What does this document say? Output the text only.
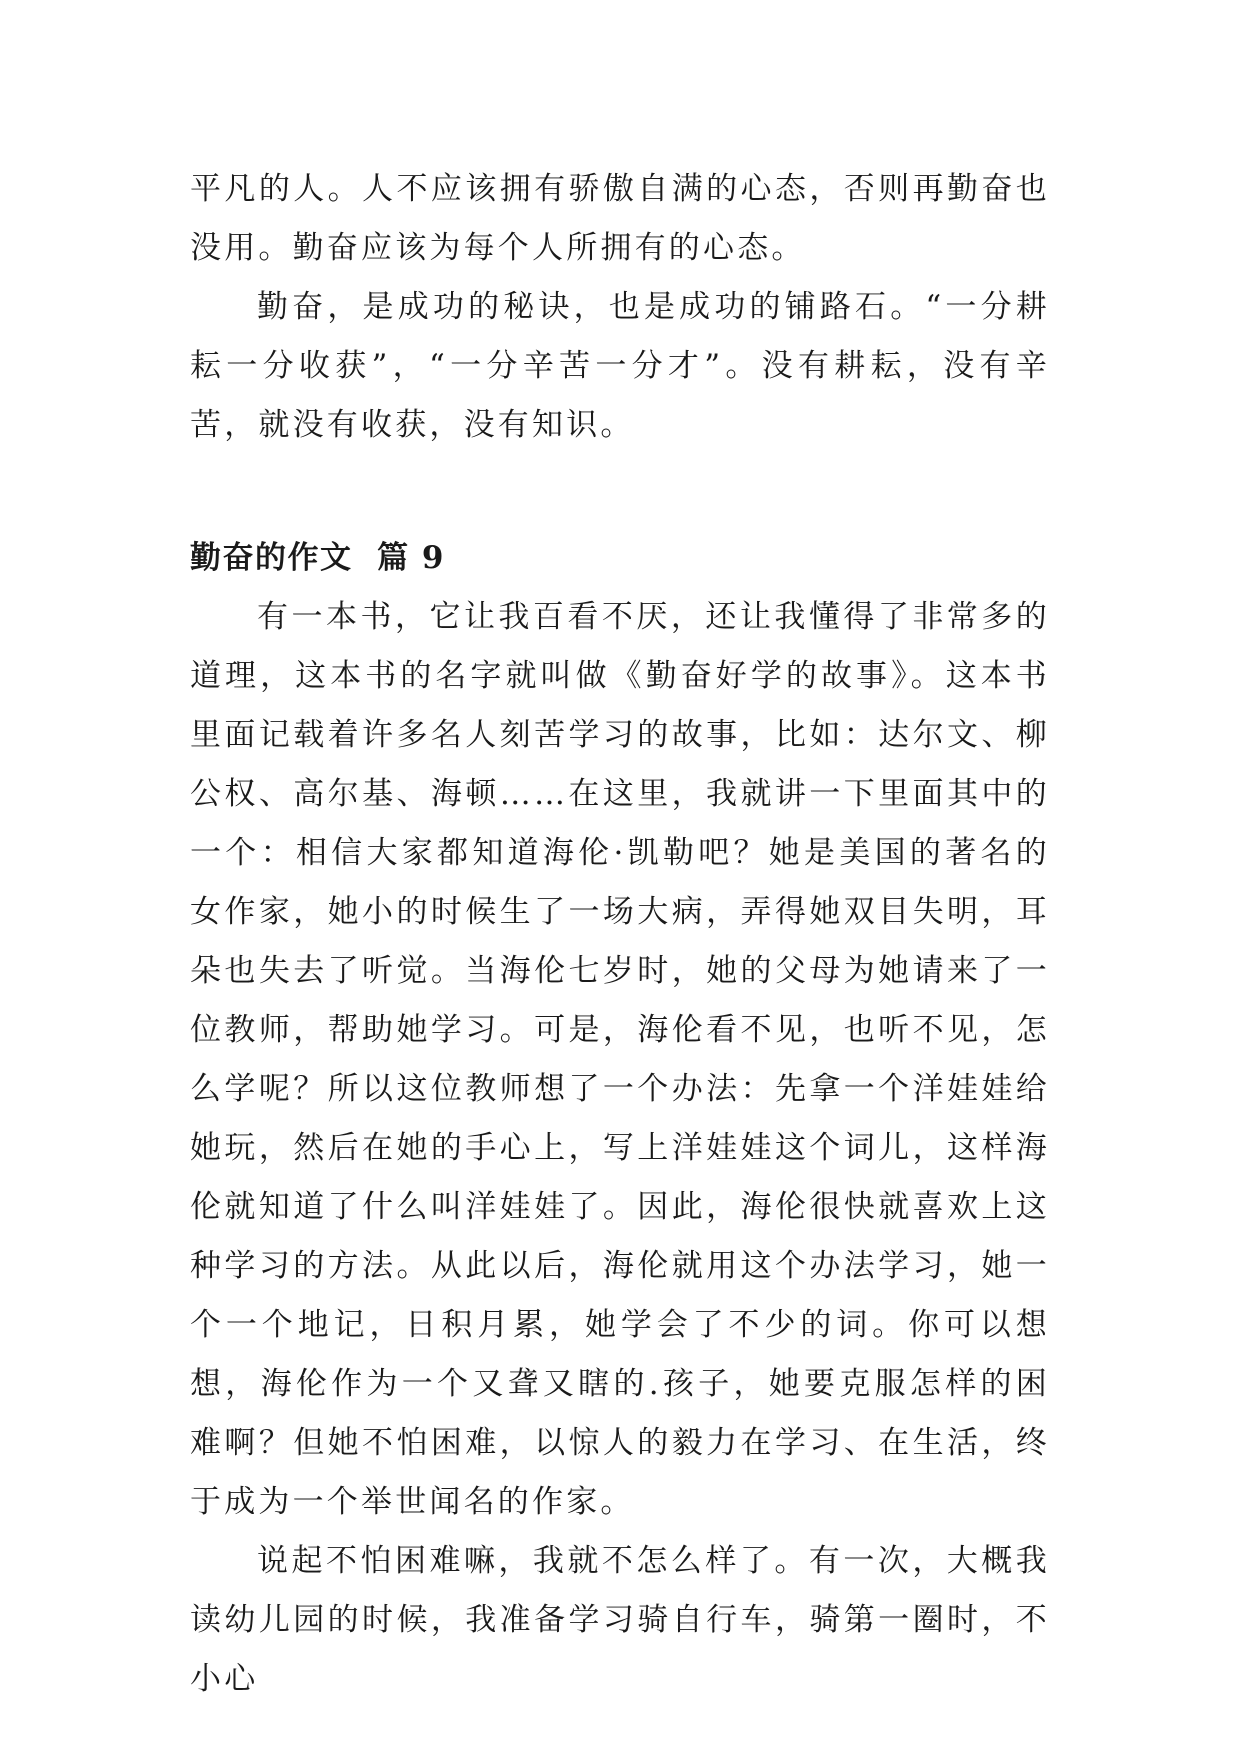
平凡的人。人不应该拥有骄傲自满的心态，否则再勤奋也没用。勤奋应该为每个人所拥有的心态。

勤奋，是成功的秘诀，也是成功的铺路石。“一分耕耘一分收获”，“一分辛苦一分才”。没有耕耘，没有辛苦，就没有收获，没有知识。

勤奋的作文  篇 9

有一本书，它让我百看不厌，还让我懂得了非常多的道理，这本书的名字就叫做《勤奋好学的故事》。这本书里面记载着许多名人刻苦学习的故事，比如：达尔文、柳公权、高尔基、海顿……在这里，我就讲一下里面其中的一个：相信大家都知道海伦·凯勒吧？她是美国的著名的女作家，她小的时候生了一场大病，弄得她双目失明，耳朵也失去了听觉。当海伦七岁时，她的父母为她请来了一位教师，帮助她学习。可是，海伦看不见，也听不见，怎么学呢？所以这位教师想了一个办法：先拿一个洋娃娃给她玩，然后在她的手心上，写上洋娃娃这个词儿，这样海伦就知道了什么叫洋娃娃了。因此，海伦很快就喜欢上这种学习的方法。从此以后，海伦就用这个办法学习，她一个一个地记，日积月累，她学会了不少的词。你可以想想，海伦作为一个又聋又瞎的.孩子，她要克服怎样的困难啊？但她不怕困难，以惊人的毅力在学习、在生活，终于成为一个举世闻名的作家。

说起不怕困难嘛，我就不怎么样了。有一次，大概我读幼儿园的时候，我准备学习骑自行车，骑第一圈时，不小心
